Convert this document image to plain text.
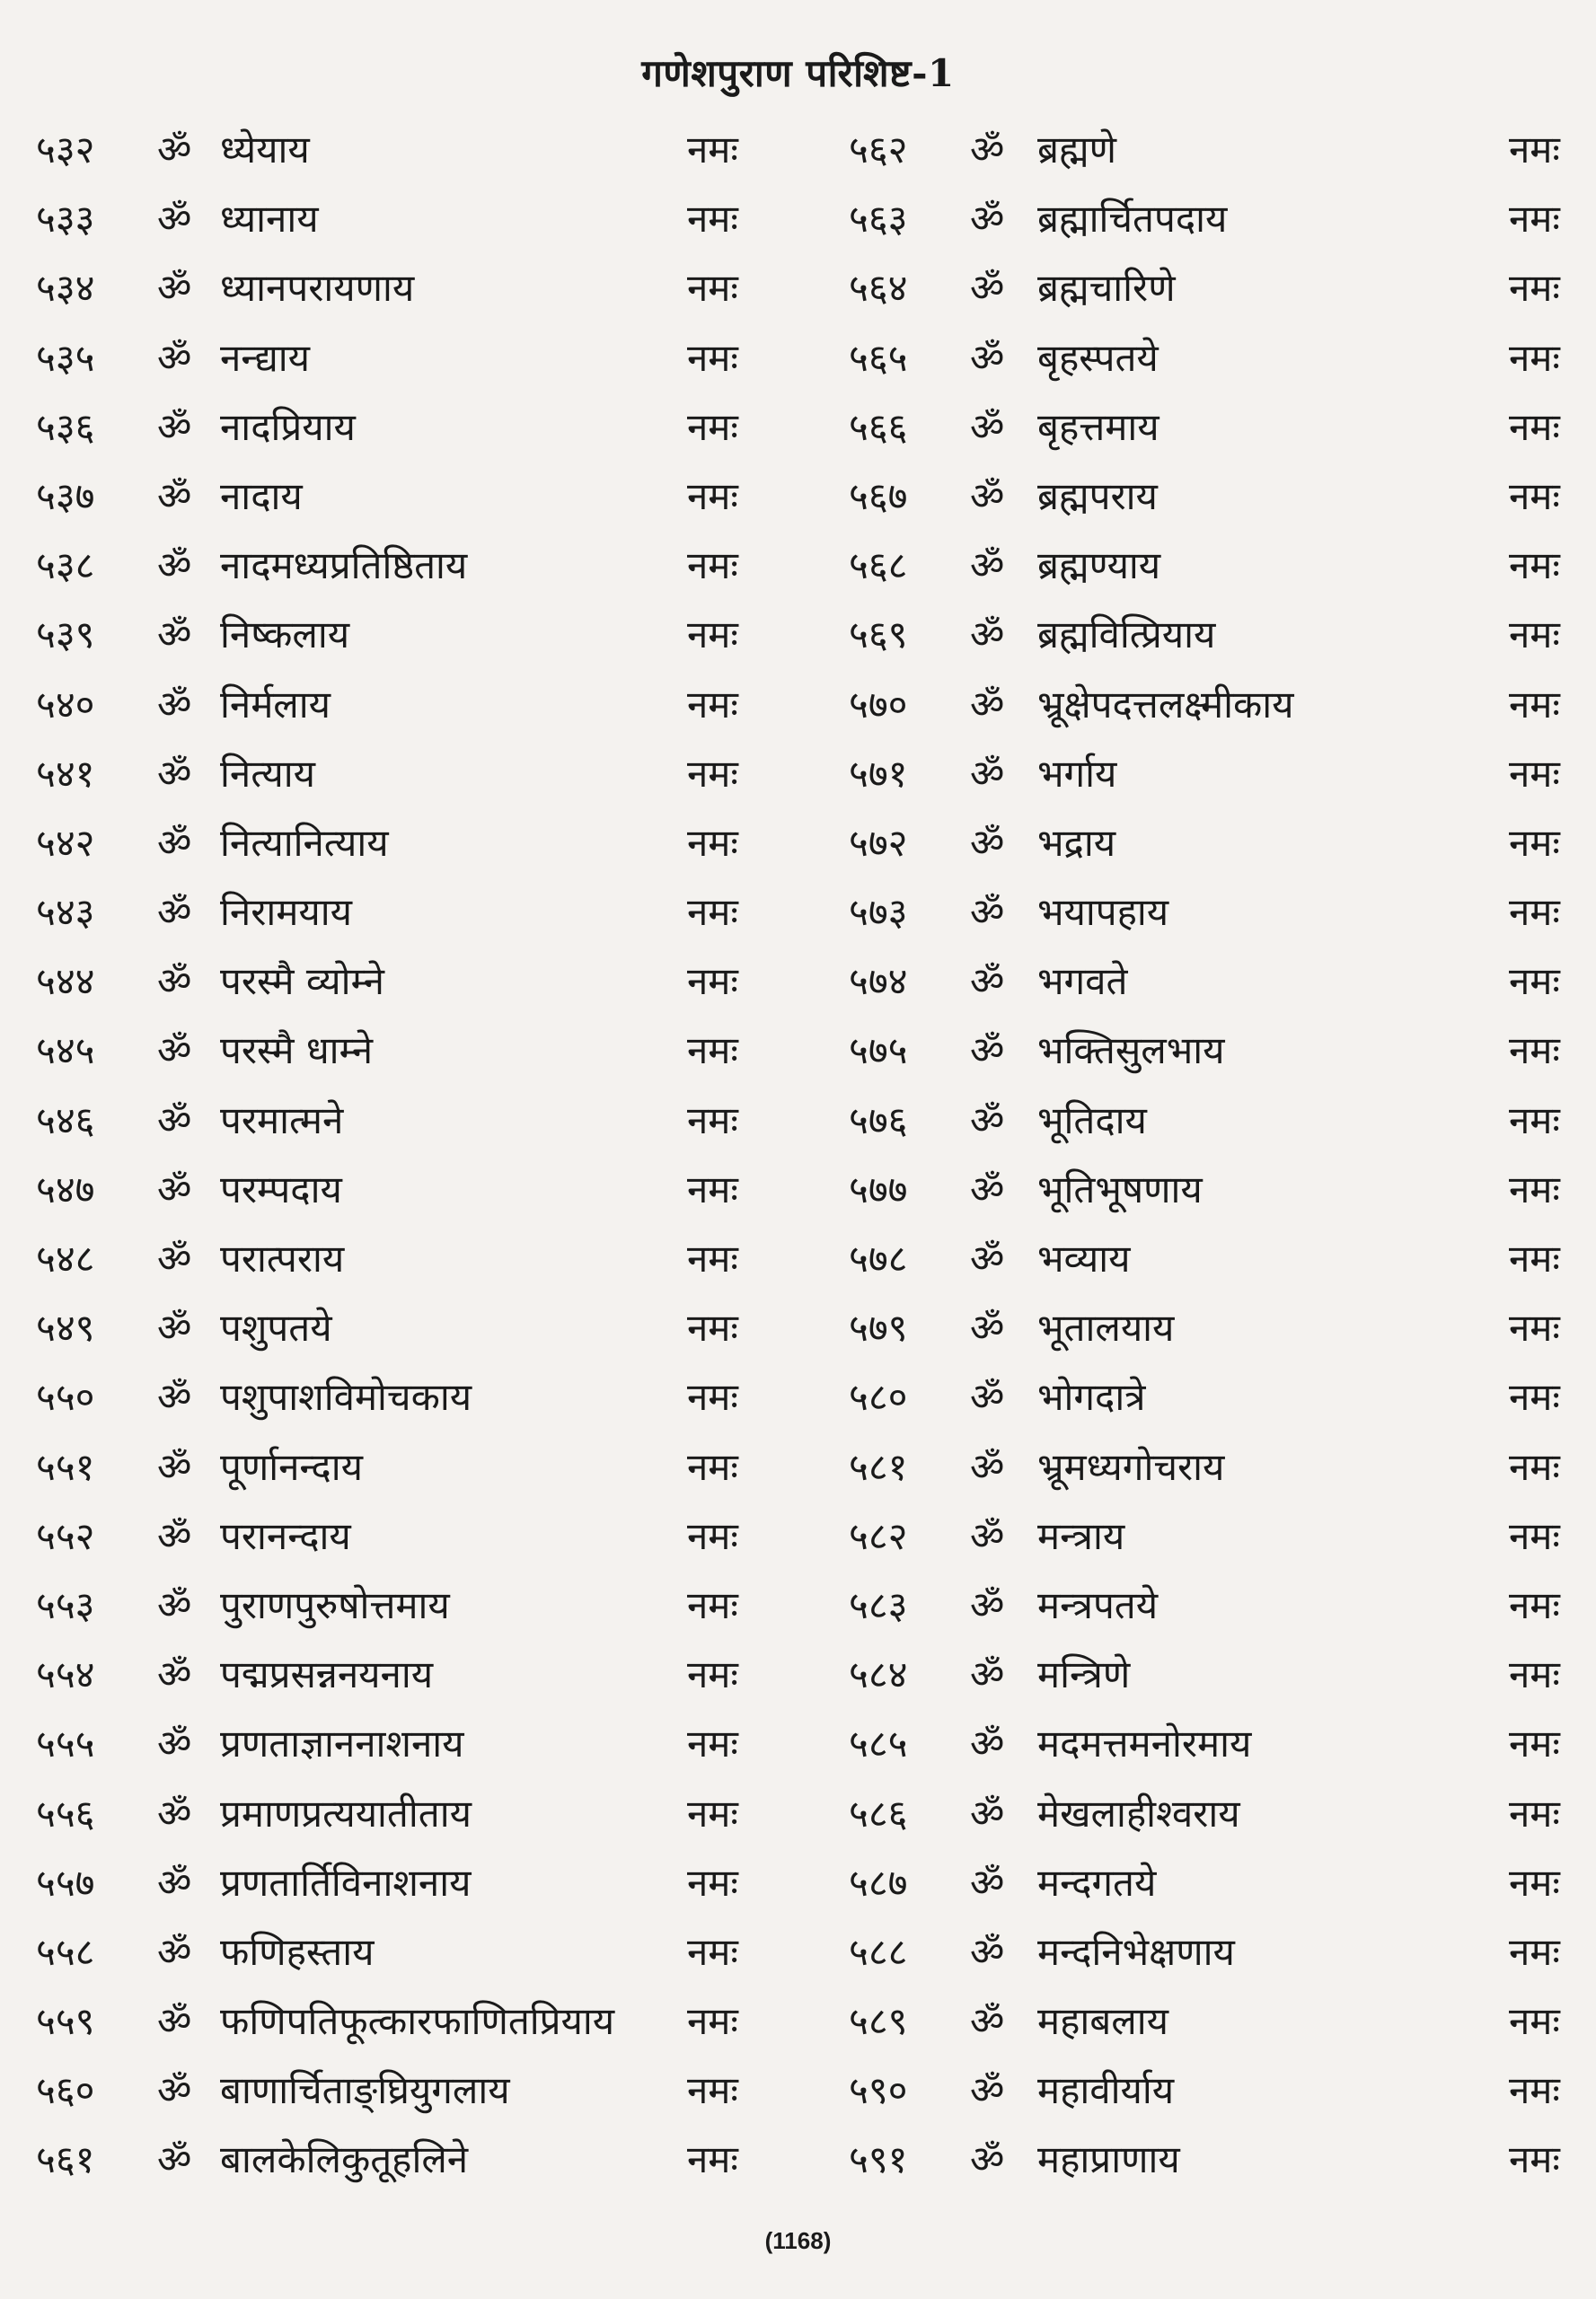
गणेशपुराण परिशिष्ट-1
५३२	ॐ ध्येयाय	नमः
५३३	ॐ ध्यानाय	नमः
५३४	ॐ ध्यानपरायणाय	नमः
५३५	ॐ नन्द्याय	नमः
५३६	ॐ नादप्रियाय	नमः
५३७	ॐ नादाय	नमः
५३८	ॐ नादमध्यप्रतिष्ठिताय	नमः
५३९	ॐ निष्कलाय	नमः
५४०	ॐ निर्मलाय	नमः
५४१	ॐ नित्याय	नमः
५४२	ॐ नित्यानित्याय	नमः
५४३	ॐ निरामयाय	नमः
५४४	ॐ परस्मै व्योम्ने	नमः
५४५	ॐ परस्मै धाम्ने	नमः
५४६	ॐ परमात्मने	नमः
५४७	ॐ परम्पदाय	नमः
५४८	ॐ परात्पराय	नमः
५४९	ॐ पशुपतये	नमः
५५०	ॐ पशुपाशविमोचकाय	नमः
५५१	ॐ पूर्णानन्दाय	नमः
५५२	ॐ परानन्दाय	नमः
५५३	ॐ पुराणपुरुषोत्तमाय	नमः
५५४	ॐ पद्मप्रसन्ननयनाय	नमः
५५५	ॐ प्रणताज्ञाननाशनाय	नमः
५५६	ॐ प्रमाणप्रत्ययातीताय	नमः
५५७	ॐ प्रणतार्तिविनाशनाय	नमः
५५८	ॐ फणिहस्ताय	नमः
५५९	ॐ फणिपतिफूत्कारफाणितप्रियाय नमः
५६०	ॐ बाणार्चिताङ्घ्रियुगलाय	नमः
५६१	ॐ बालकेलिकुतूहलिने	नमः
५६२	ॐ ब्रह्मणे	नमः
५६३	ॐ ब्रह्मार्चितपदाय	नमः
५६४	ॐ ब्रह्मचारिणे	नमः
५६५	ॐ बृहस्पतये	नमः
५६६	ॐ बृहत्तमाय	नमः
५६७	ॐ ब्रह्मपराय	नमः
५६८	ॐ ब्रह्मण्याय	नमः
५६९	ॐ ब्रह्मवित्प्रियाय	नमः
५७०	ॐ भ्रूक्षेपदत्तलक्ष्मीकाय	नमः
५७१	ॐ भर्गाय	नमः
५७२	ॐ भद्राय	नमः
५७३	ॐ भयापहाय	नमः
५७४	ॐ भगवते	नमः
५७५	ॐ भक्तिसुलभाय	नमः
५७६	ॐ भूतिदाय	नमः
५७७	ॐ भूतिभूषणाय	नमः
५७८	ॐ भव्याय	नमः
५७९	ॐ भूतालयाय	नमः
५८०	ॐ भोगदात्रे	नमः
५८१	ॐ भ्रूमध्यगोचराय	नमः
५८२	ॐ मन्त्राय	नमः
५८३	ॐ मन्त्रपतये	नमः
५८४	ॐ मन्त्रिणे	नमः
५८५	ॐ मदमत्तमनोरमाय	नमः
५८६	ॐ मेखलाहीश्वराय	नमः
५८७	ॐ मन्दगतये	नमः
५८८	ॐ मन्दनिभेक्षणाय	नमः
५८९	ॐ महाबलाय	नमः
५९०	ॐ महावीर्याय	नमः
५९१	ॐ महाप्राणाय	नमः
(1168)
